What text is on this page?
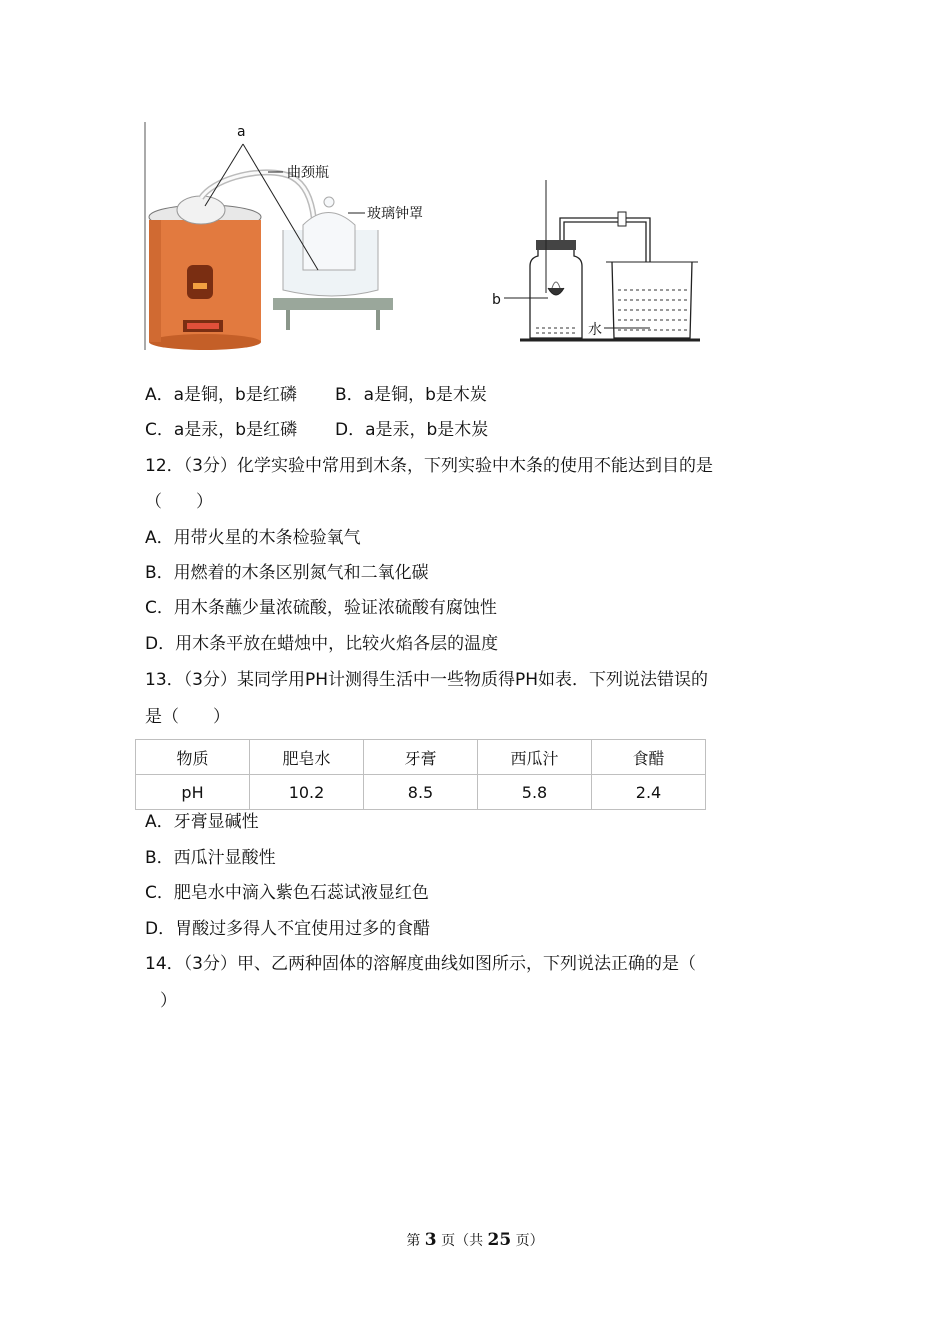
a
曲颈瓶
玻璃钟罩
b
水
A．a是铜，b是红磷 B．a是铜，b是木炭
C．a是汞，b是红磷 D．a是汞，b是木炭
12．（3分）化学实验中常用到木条，下列实验中木条的使用不能达到目的是
（　　）
A．用带火星的木条检验氧气
B．用燃着的木条区别氮气和二氧化碳
C．用木条蘸少量浓硫酸，验证浓硫酸有腐蚀性
D．用木条平放在蜡烛中，比较火焰各层的温度
13．（3分）某同学用PH计测得生活中一些物质得PH如表．下列说法错误的
是（　　）
物质	肥皂水	牙膏	西瓜汁	食醋
pH	10.2	8.5	5.8	2.4
A．牙膏显碱性
B．西瓜汁显酸性
C．肥皂水中滴入紫色石蕊试液显红色
D．胃酸过多得人不宜使用过多的食醋
14．（3分）甲、乙两种固体的溶解度曲线如图所示，下列说法正确的是（
）
第 3 页（共 25 页）
